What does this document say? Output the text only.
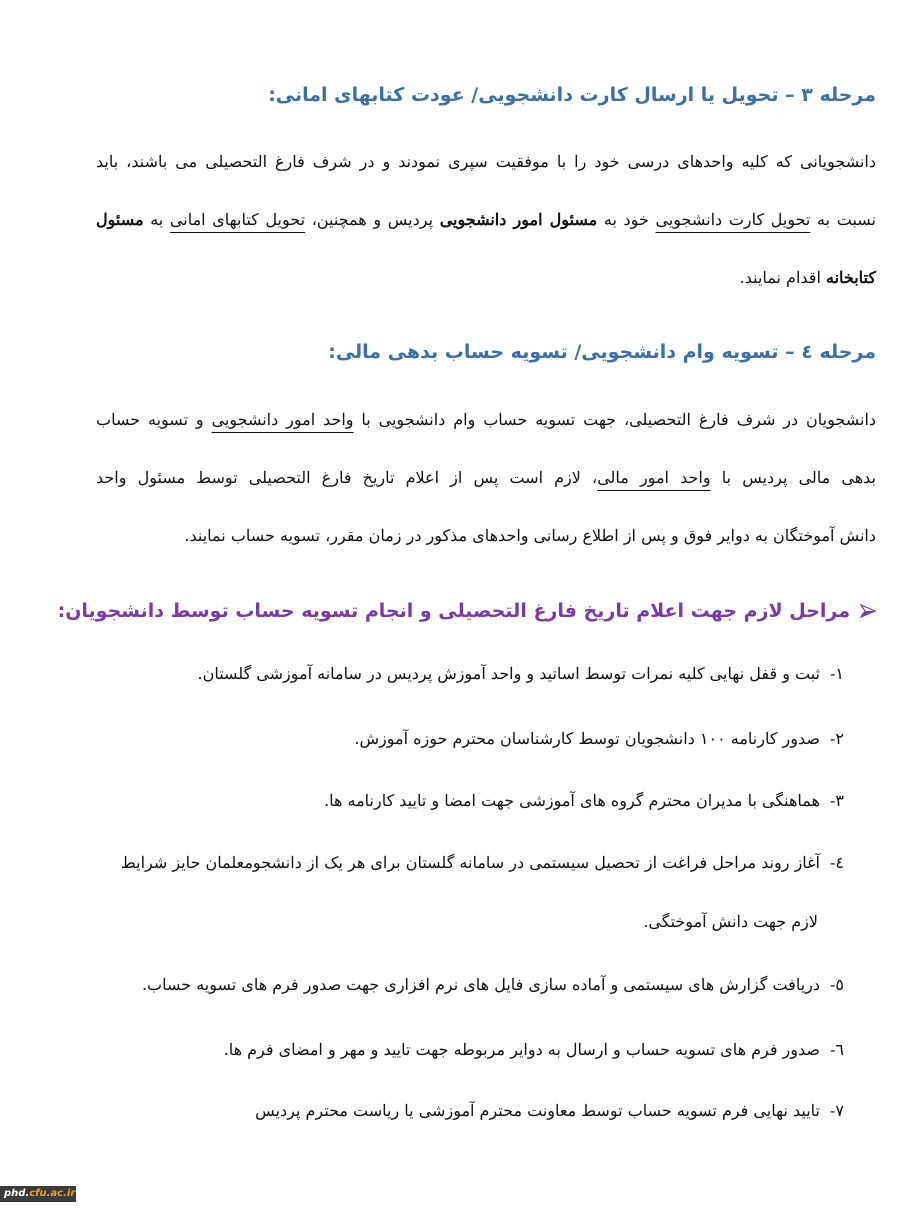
مرحله ۳ – تحویل یا ارسال کارت دانشجویی/ عودت کتابهای امانی:
دانشجویانی که کلیه واحدهای درسی خود را با موفقیت سپری نمودند و در شرف فارغ التحصیلی می باشند، باید
نسبت به تحویل کارت دانشجویی خود به مسئول امور دانشجویی پردیس و همچنین، تحویل کتابهای امانی به مسئول
کتابخانه اقدام نمایند.
مرحله ٤ – تسویه وام دانشجویی/ تسویه حساب بدهی مالی:
دانشجویان در شرف فارغ التحصیلی، جهت تسویه حساب وام دانشجویی با واحد امور دانشجویی و تسویه حساب
بدهی مالی پردیس با واحد امور مالی، لازم است پس از اعلام تاریخ فارغ التحصیلی توسط مسئول واحد
دانش آموختگان به دوایر فوق و پس از اطلاع رسانی واحدهای مذکور در زمان مقرر، تسویه حساب نمایند.
مراحل لازم جهت اعلام تاریخ فارغ التحصیلی و انجام تسویه حساب توسط دانشجویان:
۱-
ثبت و قفل نهایی کلیه نمرات توسط اساتید و واحد آموزش پردیس در سامانه آموزشی گلستان.
۲-
صدور کارنامه ۱۰۰ دانشجویان توسط کارشناسان محترم حوزه آموزش.
۳-
هماهنگی با مدیران محترم گروه های آموزشی جهت امضا و تایید کارنامه ها.
٤-
آغاز روند مراحل فراغت از تحصیل سیستمی در سامانه گلستان برای هر یک از دانشجومعلمان حایز شرایط
لازم جهت دانش آموختگی.
٥-
دریافت گزارش های سیستمی و آماده سازی فایل های نرم افزاری جهت صدور فرم های تسویه حساب.
٦-
صدور فرم های تسویه حساب و ارسال به دوایر مربوطه جهت تایید و مهر و امضای فرم ها.
۷-
تایید نهایی فرم تسویه حساب توسط معاونت محترم آموزشی یا ریاست محترم پردیس
phd.cfu.ac.ir
